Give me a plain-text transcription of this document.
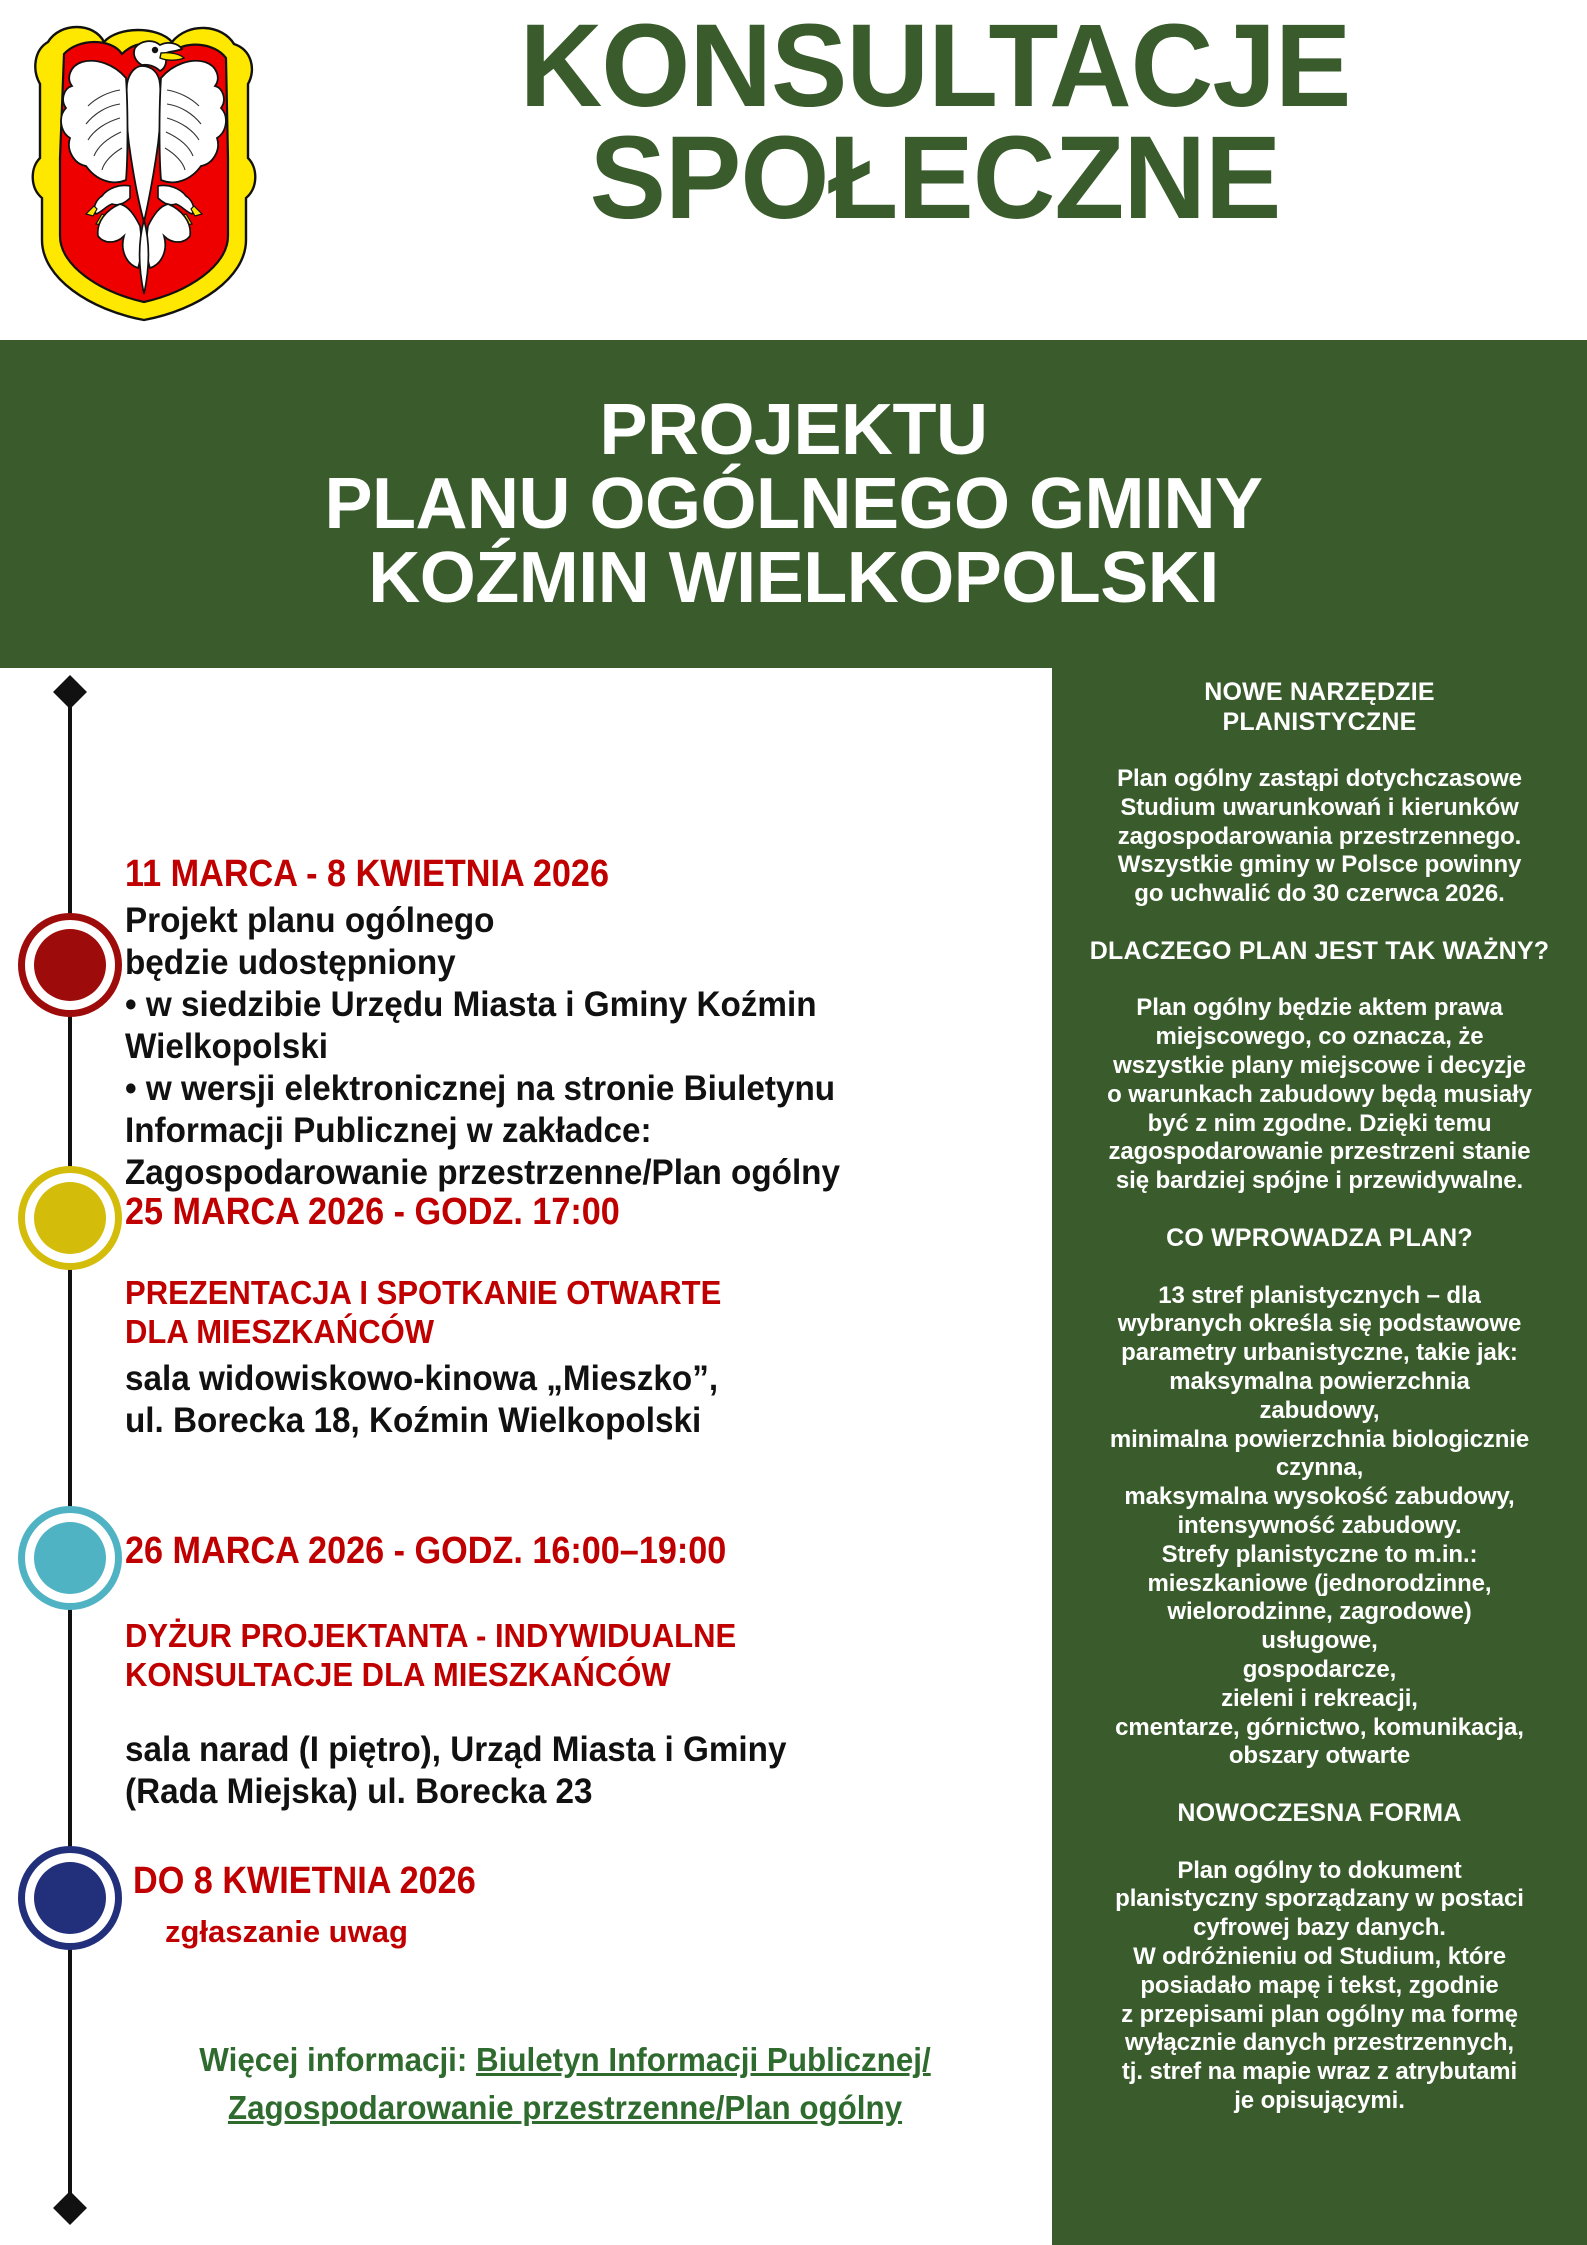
KONSULTACJE
SPOŁECZNE
PROJEKTU
PLANU OGÓLNEGO GMINY
KOŹMIN WIELKOPOLSKI
11 MARCA - 8 KWIETNIA 2026
Projekt planu ogólnego
będzie udostępniony
• w siedzibie Urzędu Miasta i Gminy Koźmin
Wielkopolski
• w wersji elektronicznej na stronie Biuletynu
Informacji Publicznej w zakładce:
Zagospodarowanie przestrzenne/Plan ogólny
25 MARCA 2026 - GODZ. 17:00
PREZENTACJA I SPOTKANIE OTWARTE
DLA MIESZKAŃCÓW
sala widowiskowo-kinowa „Mieszko”,
ul. Borecka 18, Koźmin Wielkopolski
26 MARCA 2026 - GODZ. 16:00–19:00
DYŻUR PROJEKTANTA - INDYWIDUALNE
KONSULTACJE DLA MIESZKAŃCÓW
sala narad (I piętro), Urząd Miasta i Gminy
(Rada Miejska) ul. Borecka 23
DO 8 KWIETNIA 2026
zgłaszanie uwag
Więcej informacji: Biuletyn Informacji Publicznej/
Zagospodarowanie przestrzenne/Plan ogólny
NOWE NARZĘDZIE
PLANISTYCZNE
Plan ogólny zastąpi dotychczasowe
Studium uwarunkowań i kierunków
zagospodarowania przestrzennego.
Wszystkie gminy w Polsce powinny
go uchwalić do 30 czerwca 2026.
DLACZEGO PLAN JEST TAK WAŻNY?
Plan ogólny będzie aktem prawa
miejscowego, co oznacza, że
wszystkie plany miejscowe i decyzje
o warunkach zabudowy będą musiały
być z nim zgodne. Dzięki temu
zagospodarowanie przestrzeni stanie
się bardziej spójne i przewidywalne.
CO WPROWADZA PLAN?
13 stref planistycznych – dla
wybranych określa się podstawowe
parametry urbanistyczne, takie jak:
maksymalna powierzchnia
zabudowy,
minimalna powierzchnia biologicznie
czynna,
maksymalna wysokość zabudowy,
intensywność zabudowy.
Strefy planistyczne to m.in.:
mieszkaniowe (jednorodzinne,
wielorodzinne, zagrodowe)
usługowe,
gospodarcze,
zieleni i rekreacji,
cmentarze, górnictwo, komunikacja,
obszary otwarte
NOWOCZESNA FORMA
Plan ogólny to dokument
planistyczny sporządzany w postaci
cyfrowej bazy danych.
W odróżnieniu od Studium, które
posiadało mapę i tekst, zgodnie
z przepisami plan ogólny ma formę
wyłącznie danych przestrzennych,
tj. stref na mapie wraz z atrybutami
je opisującymi.
